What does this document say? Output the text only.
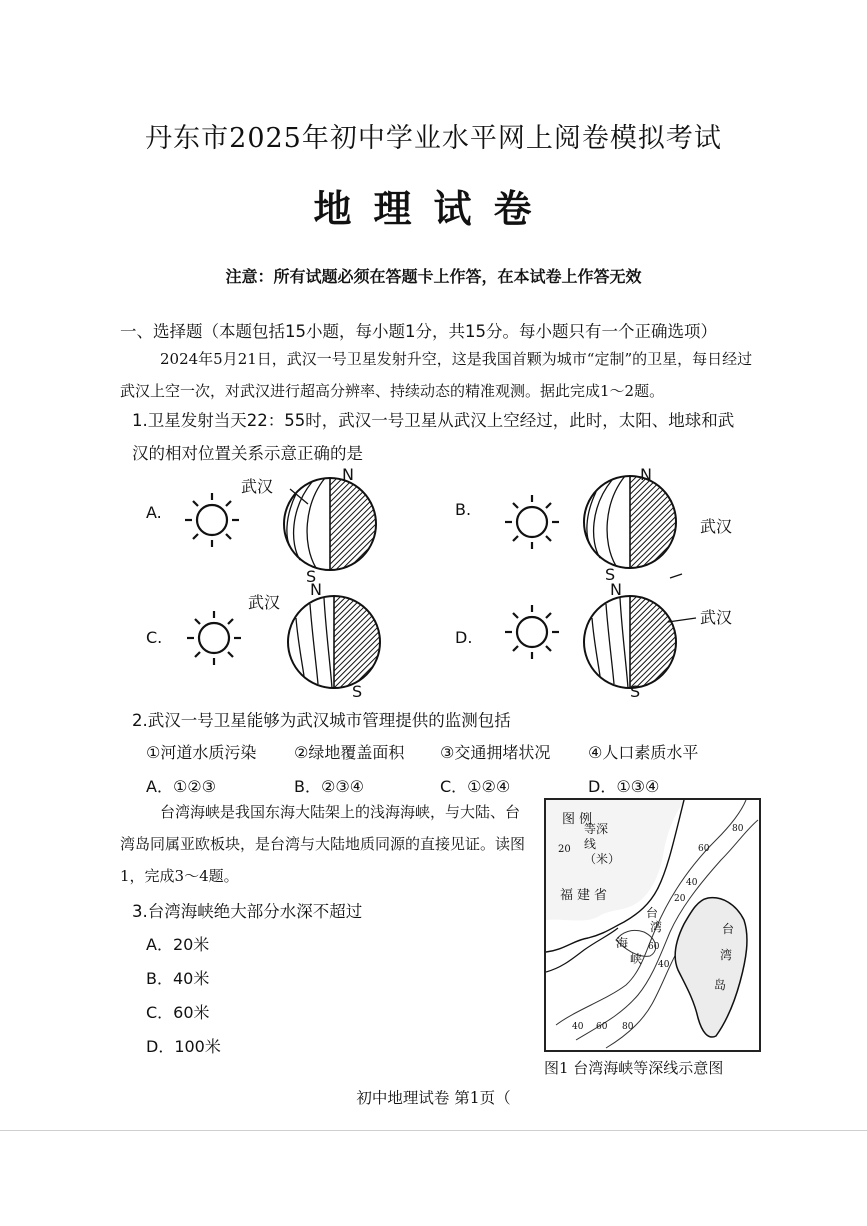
丹东市2025年初中学业水平网上阅卷模拟考试
地理试卷
注意：所有试题必须在答题卡上作答，在本试卷上作答无效
一、选择题（本题包括15小题，每小题1分，共15分。每小题只有一个正确选项）
2024年5月21日，武汉一号卫星发射升空，这是我国首颗为城市“定制”的卫星，每日经过武汉上空一次，对武汉进行超高分辨率、持续动态的精准观测。据此完成1～2题。
1.卫星发射当天22：55时，武汉一号卫星从武汉上空经过，此时，太阳、地球和武
汉的相对位置关系示意正确的是
A.
武汉
N
S
B.
武汉
N
S
C.
武汉
N
S
D.
武汉
N
S
2.武汉一号卫星能够为武汉城市管理提供的监测包括
①河道水质污染 ②绿地覆盖面积 ③交通拥堵状况 ④人口素质水平
A．①②③	B．②③④	C．①②④	D．①③④
台湾海峡是我国东海大陆架上的浅海海峡，与大陆、台湾岛同属亚欧板块，是台湾与大陆地质同源的直接见证。读图1，完成3～4题。
3.台湾海峡绝大部分水深不超过
A．20米
B．40米
C．60米
D．100米
图 例
等深线（米）
20
福建省
台
湾
海
峡
台
湾
岛
80
60
40
20
60
40
40 60 80
图1 台湾海峡等深线示意图
初中地理试卷 第1页（
